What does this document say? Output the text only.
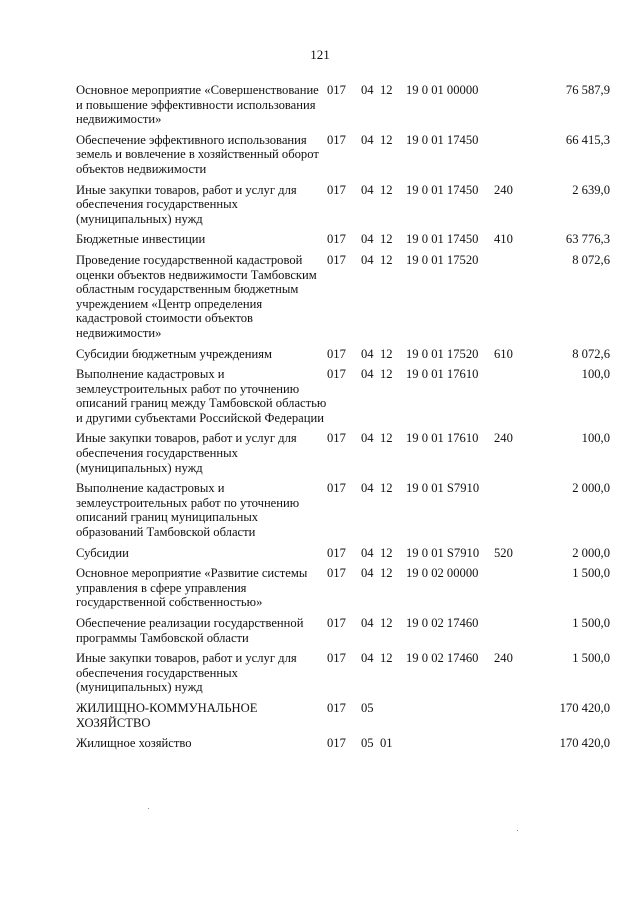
121
Основное мероприятие «Совершенствование и повышение эффективности использования недвижимости»	017	04	12	19 0 01 00000		76 587,9
Обеспечение эффективного использования земель и вовлечение в хозяйственный оборот объектов недвижимости	017	04	12	19 0 01 17450		66 415,3
Иные закупки товаров, работ и услуг для обеспечения государственных (муниципальных) нужд	017	04	12	19 0 01 17450	240	2 639,0
Бюджетные инвестиции	017	04	12	19 0 01 17450	410	63 776,3
Проведение государственной кадастровой оценки объектов недвижимости Тамбовским областным государственным бюджетным учреждением «Центр определения кадастровой стоимости объектов недвижимости»	017	04	12	19 0 01 17520		8 072,6
Субсидии бюджетным учреждениям	017	04	12	19 0 01 17520	610	8 072,6
Выполнение кадастровых и землеустроительных работ по уточнению описаний границ между Тамбовской областью и другими субъектами Российской Федерации	017	04	12	19 0 01 17610		100,0
Иные закупки товаров, работ и услуг для обеспечения государственных (муниципальных) нужд	017	04	12	19 0 01 17610	240	100,0
Выполнение кадастровых и землеустроительных работ по уточнению описаний границ муниципальных образований Тамбовской области	017	04	12	19 0 01 S7910		2 000,0
Субсидии	017	04	12	19 0 01 S7910	520	2 000,0
Основное мероприятие «Развитие системы управления в сфере управления государственной собственностью»	017	04	12	19 0 02 00000		1 500,0
Обеспечение реализации государственной программы Тамбовской области	017	04	12	19 0 02 17460		1 500,0
Иные закупки товаров, работ и услуг для обеспечения государственных (муниципальных) нужд	017	04	12	19 0 02 17460	240	1 500,0
ЖИЛИЩНО-КОММУНАЛЬНОЕ ХОЗЯЙСТВО	017	05				170 420,0
Жилищное хозяйство	017	05	01			170 420,0
